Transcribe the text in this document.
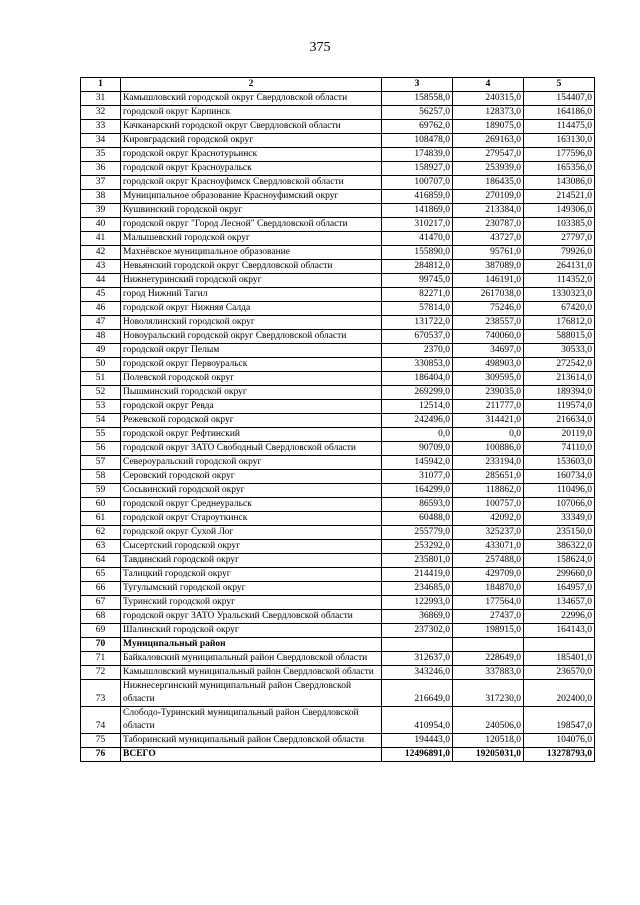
375
1	2	3	4	5
31	Камышловский городской округ Свердловской области	158558,0	240315,0	154407,0
32	городской округ Карпинск	56257,0	128373,0	164186,0
33	Качканарский городской округ Свердловской области	69762,0	189075,0	114475,0
34	Кировградский городской округ	108478,0	269163,0	163130,0
35	городской округ Краснотурьинск	174839,0	279547,0	177596,0
36	городской округ Красноуральск	158927,0	253939,0	165356,0
37	городской округ Красноуфимск Свердловской области	100707,0	186435,0	143086,0
38	Муниципальное образование Красноуфимский округ	416859,0	270109,0	214521,0
39	Кушвинский городской округ	141869,0	213384,0	149306,0
40	городской округ "Город Лесной" Свердловской области	310217,0	230787,0	103385,0
41	Малышевский городской округ	41470,0	43727,0	27797,0
42	Махнёвское муниципальное образование	155890,0	95761,0	79926,0
43	Невьянский городской округ Свердловской области	284812,0	387089,0	264131,0
44	Нижнетуринский городской округ	99745,0	146191,0	114352,0
45	город Нижний Тагил	82271,0	2617038,0	1330323,0
46	городской округ Нижняя Салда	57814,0	75246,0	67420,0
47	Новолялинский городской округ	131722,0	238557,0	176812,0
48	Новоуральский городской округ Свердловской области	670537,0	740060,0	588015,0
49	городской округ Пелым	2370,0	34697,0	30533,0
50	городской округ Первоуральск	330853,0	498903,0	272542,0
51	Полевской городской округ	186404,0	309595,0	213614,0
52	Пышминский городской округ	269299,0	239035,0	189394,0
53	городской округ Ревда	12514,0	211777,0	119574,0
54	Режевской городской округ	242496,0	314421,0	216634,0
55	городской округ Рефтинский	0,0	0,0	20119,0
56	городской округ ЗАТО Свободный Свердловской области	90709,0	100886,0	74110,0
57	Североуральский городской округ	145942,0	233194,0	153603,0
58	Серовский городской округ	31077,0	285651,0	160734,0
59	Сосьвинский городской округ	164299,0	118862,0	110496,0
60	городской округ Среднеуральск	86593,0	100757,0	107066,0
61	городской округ Староуткинск	60488,0	42092,0	33349,0
62	городской округ Сухой Лог	255779,0	325237,0	235150,0
63	Сысертский городской округ	253292,0	433071,0	386322,0
64	Тавдинский городской округ	235801,0	257488,0	158624,0
65	Талицкий городской округ	214419,0	429709,0	299660,0
66	Тугулымский городской округ	234685,0	184870,0	164957,0
67	Туринский городской округ	122993,0	177564,0	134657,0
68	городской округ ЗАТО Уральский Свердловской области	36869,0	27437,0	22996,0
69	Шалинский городской округ	237302,0	198915,0	164143,0
70	Муниципальный район			
71	Байкаловский муниципальный район Свердловской области	312637,0	228649,0	185401,0
72	Камышловский муниципальный район Свердловской области	343246,0	337883,0	236570,0
73	Нижнесергинский муниципальный район Свердловской области	216649,0	317230,0	202400,0
74	Слободо-Туринский муниципальный район Свердловской области	410954,0	240506,0	198547,0
75	Таборинский муниципальный район Свердловской области	194443,0	120518,0	104076,0
76	ВСЕГО	12496891,0	19205031,0	13278793,0
